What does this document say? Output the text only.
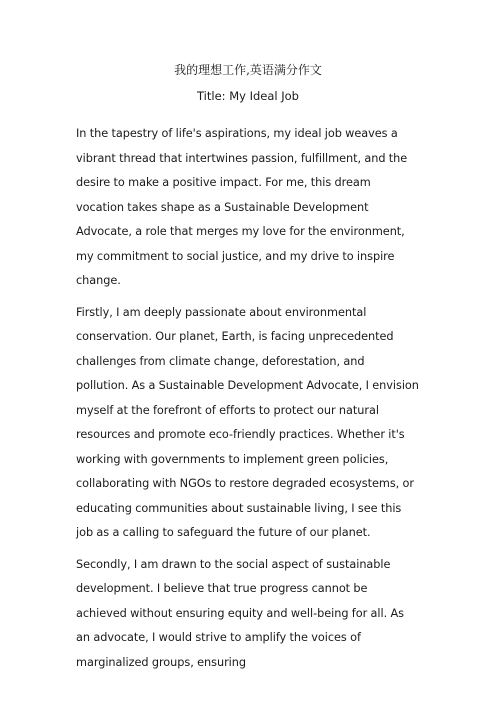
我的理想工作,英语满分作文
Title: My Ideal Job

In the tapestry of life's aspirations, my ideal job weaves a vibrant thread that intertwines passion, fulfillment, and the desire to make a positive impact. For me, this dream vocation takes shape as a Sustainable Development Advocate, a role that merges my love for the environment, my commitment to social justice, and my drive to inspire change.

Firstly, I am deeply passionate about environmental conservation. Our planet, Earth, is facing unprecedented challenges from climate change, deforestation, and pollution. As a Sustainable Development Advocate, I envision myself at the forefront of efforts to protect our natural resources and promote eco-friendly practices. Whether it's working with governments to implement green policies, collaborating with NGOs to restore degraded ecosystems, or educating communities about sustainable living, I see this job as a calling to safeguard the future of our planet.

Secondly, I am drawn to the social aspect of sustainable development. I believe that true progress cannot be achieved without ensuring equity and well-being for all. As an advocate, I would strive to amplify the voices of marginalized groups, ensuring
